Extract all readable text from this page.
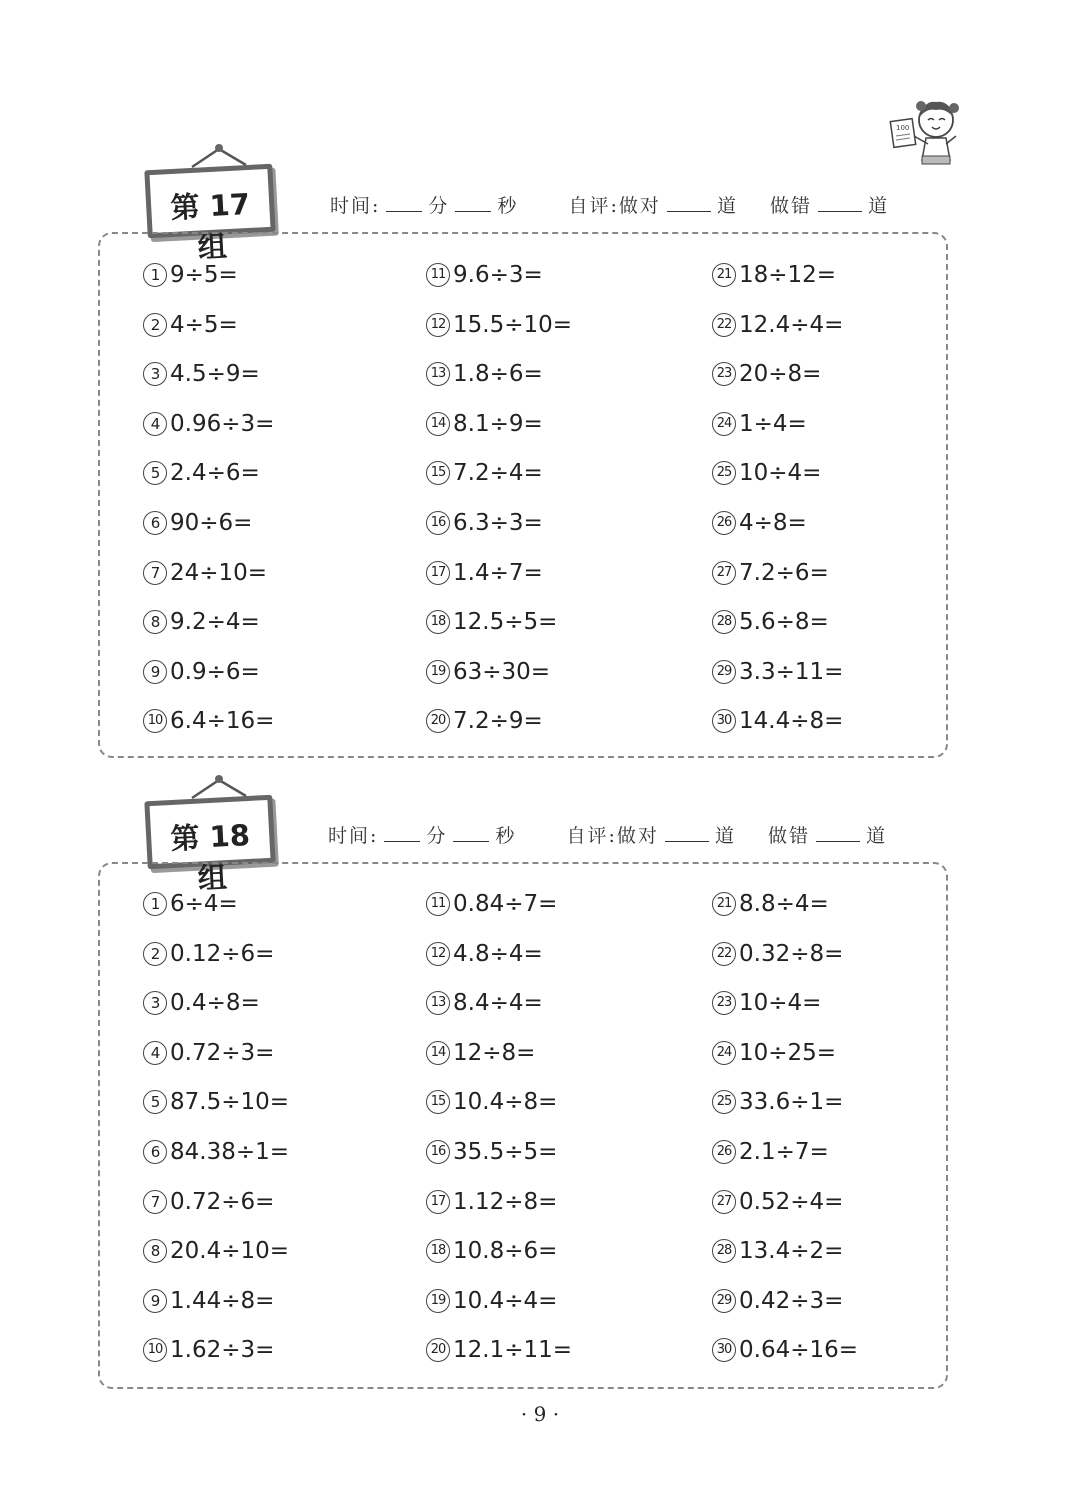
100
第 17 组
时间:	分	秒	自评:做对	道 做错	道
1 9÷5=
2 4÷5=
3 4.5÷9=
4 0.96÷3=
5 2.4÷6=
6 90÷6=
7 24÷10=
8 9.2÷4=
9 0.9÷6=
10 6.4÷16=
11 9.6÷3=
12 15.5÷10=
13 1.8÷6=
14 8.1÷9=
15 7.2÷4=
16 6.3÷3=
17 1.4÷7=
18 12.5÷5=
19 63÷30=
20 7.2÷9=
21 18÷12=
22 12.4÷4=
23 20÷8=
24 1÷4=
25 10÷4=
26 4÷8=
27 7.2÷6=
28 5.6÷8=
29 3.3÷11=
30 14.4÷8=
第 18 组
时间:	分	秒	自评:做对	道 做错	道
1 6÷4=
2 0.12÷6=
3 0.4÷8=
4 0.72÷3=
5 87.5÷10=
6 84.38÷1=
7 0.72÷6=
8 20.4÷10=
9 1.44÷8=
10 1.62÷3=
11 0.84÷7=
12 4.8÷4=
13 8.4÷4=
14 12÷8=
15 10.4÷8=
16 35.5÷5=
17 1.12÷8=
18 10.8÷6=
19 10.4÷4=
20 12.1÷11=
21 8.8÷4=
22 0.32÷8=
23 10÷4=
24 10÷25=
25 33.6÷1=
26 2.1÷7=
27 0.52÷4=
28 13.4÷2=
29 0.42÷3=
30 0.64÷16=
· 9 ·
